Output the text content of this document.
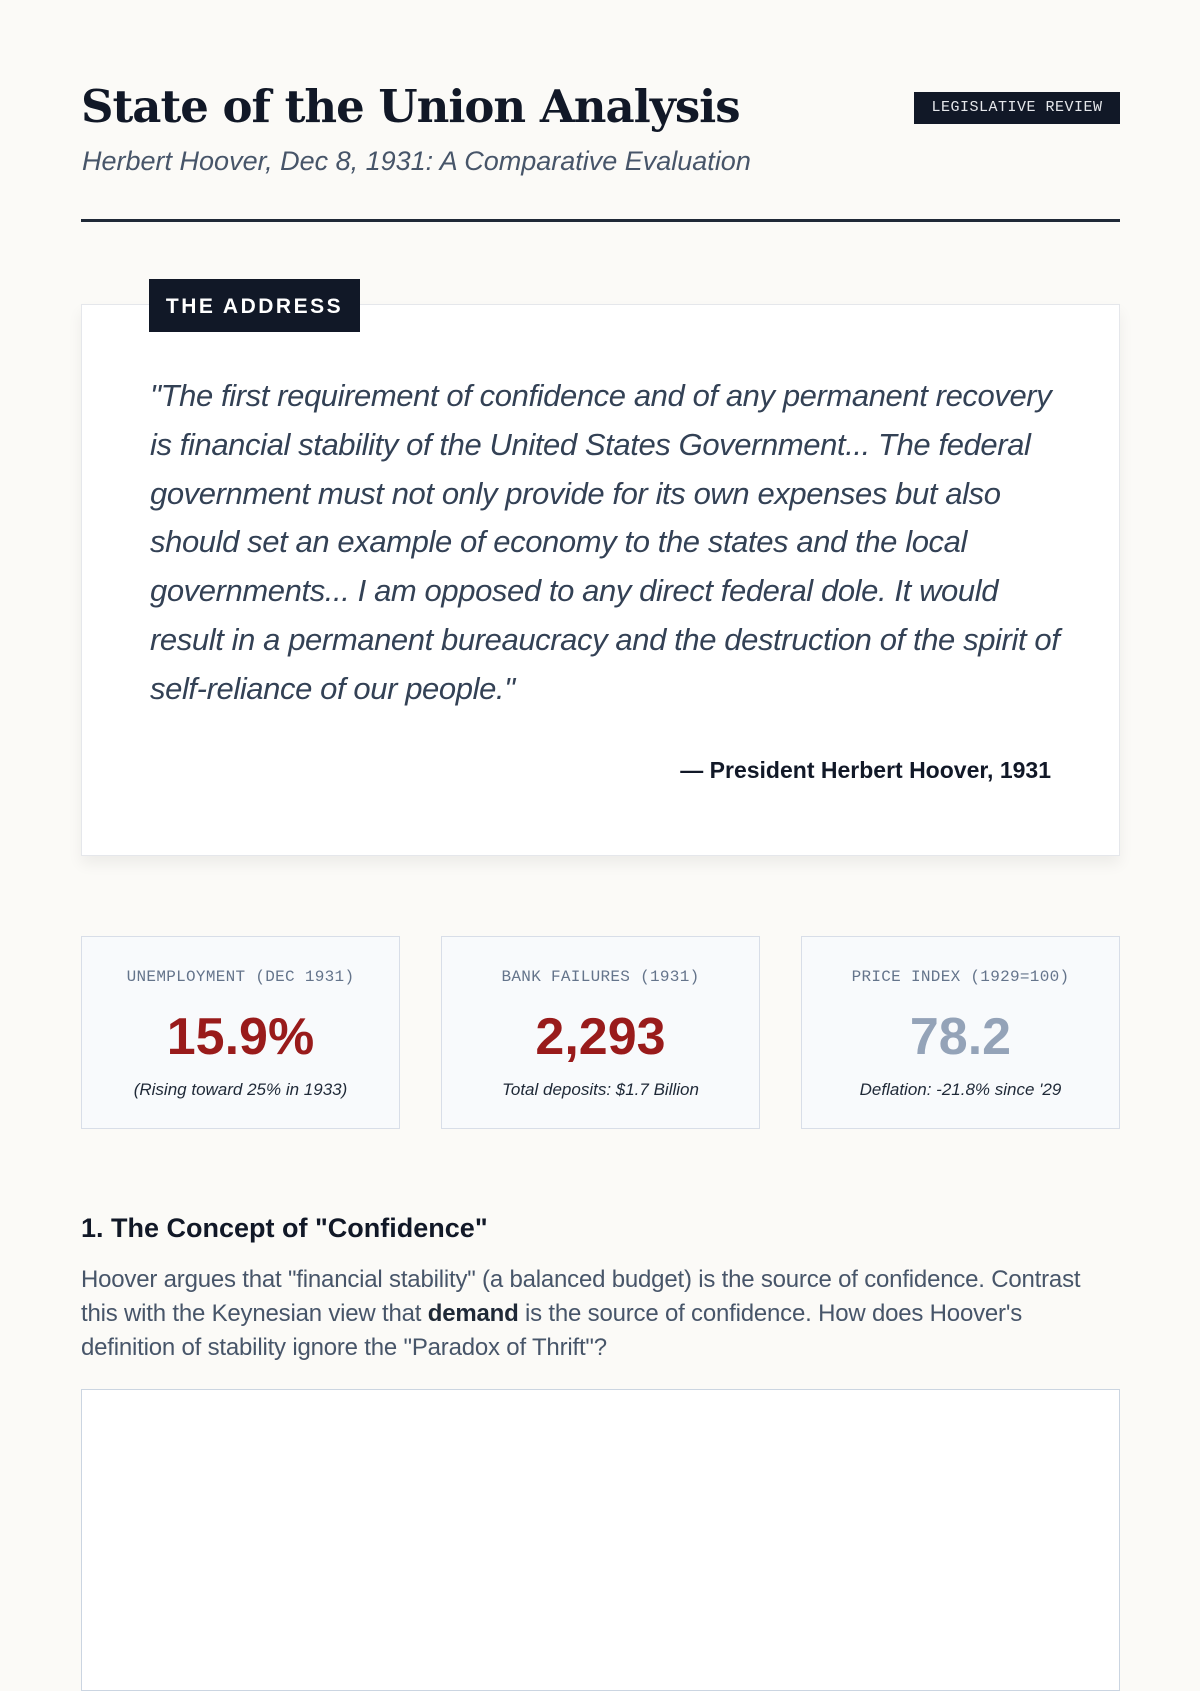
State of the Union Analysis

Herbert Hoover, Dec 8, 1931: A Comparative Evaluation

LEGISLATIVE REVIEW
THE ADDRESS

"The first requirement of confidence and of any permanent recovery is financial stability of the United States Government... The federal government must not only provide for its own expenses but also should set an example of economy to the states and the local governments... I am opposed to any direct federal dole. It would result in a permanent bureaucracy and the destruction of the spirit of self-reliance of our people."

— President Herbert Hoover, 1931

UNEMPLOYMENT (DEC 1931)
15.9%
(Rising toward 25% in 1933)
BANK FAILURES (1931)
2,293
Total deposits: $1.7 Billion
PRICE INDEX (1929=100)
78.2
Deflation: -21.8% since '29
1. The Concept of "Confidence"

Hoover argues that "financial stability" (a balanced budget) is the source of confidence. Contrast this with the Keynesian view that demand is the source of confidence. How does Hoover's definition of stability ignore the "Paradox of Thrift"?
